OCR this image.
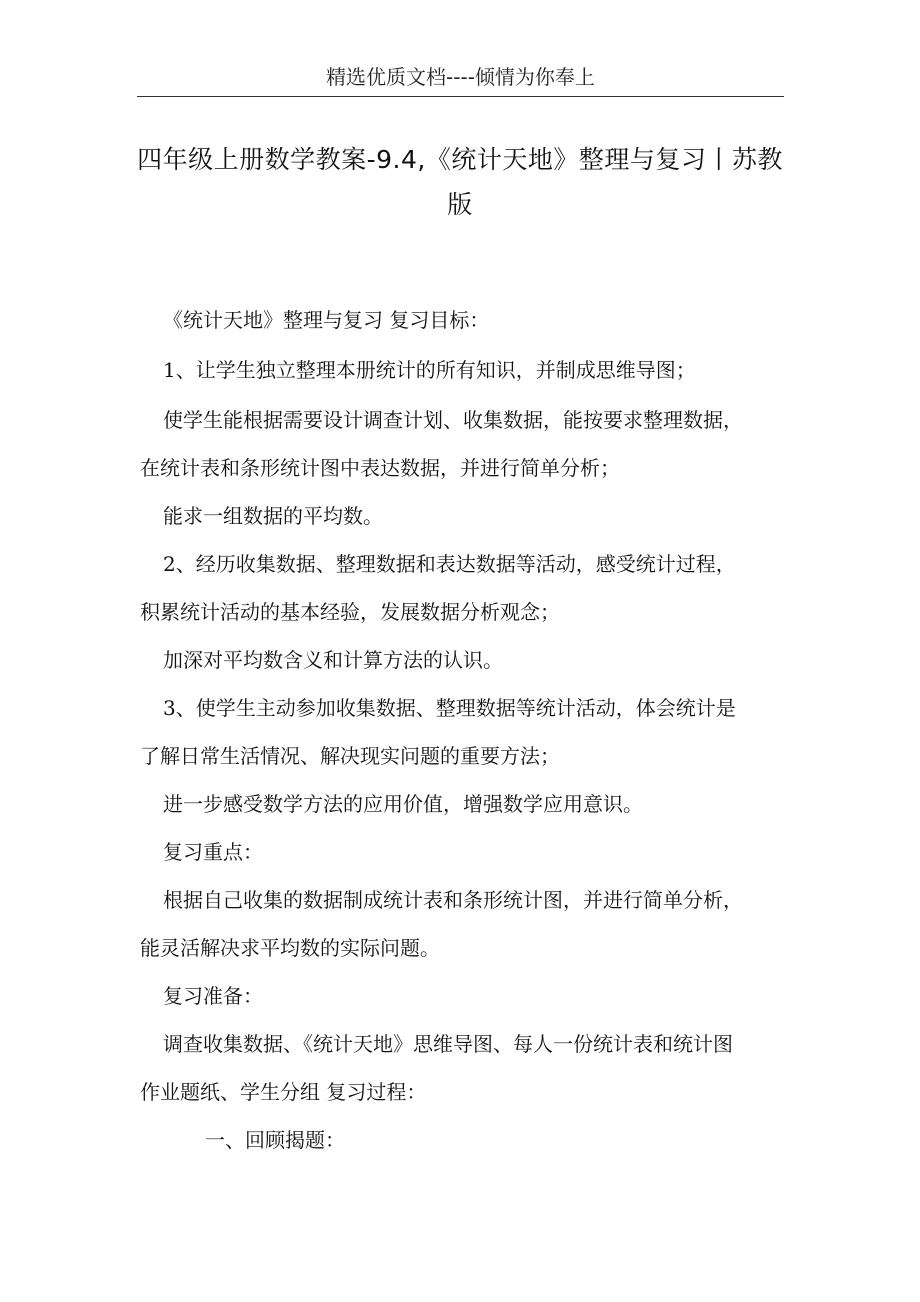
精选优质文档----倾情为你奉上
四年级上册数学教案-9.4,《统计天地》整理与复习丨苏教
版
《统计天地》整理与复习 复习目标：
1、让学生独立整理本册统计的所有知识，并制成思维导图；
使学生能根据需要设计调查计划、收集数据，能按要求整理数据，
在统计表和条形统计图中表达数据，并进行简单分析；
能求一组数据的平均数。
2、经历收集数据、整理数据和表达数据等活动，感受统计过程，
积累统计活动的基本经验，发展数据分析观念；
加深对平均数含义和计算方法的认识。
3、使学生主动参加收集数据、整理数据等统计活动，体会统计是
了解日常生活情况、解决现实问题的重要方法；
进一步感受数学方法的应用价值，增强数学应用意识。
复习重点：
根据自己收集的数据制成统计表和条形统计图，并进行简单分析，
能灵活解决求平均数的实际问题。
复习准备：
调查收集数据、《统计天地》思维导图、每人一份统计表和统计图
作业题纸、学生分组 复习过程：
一、回顾揭题：
